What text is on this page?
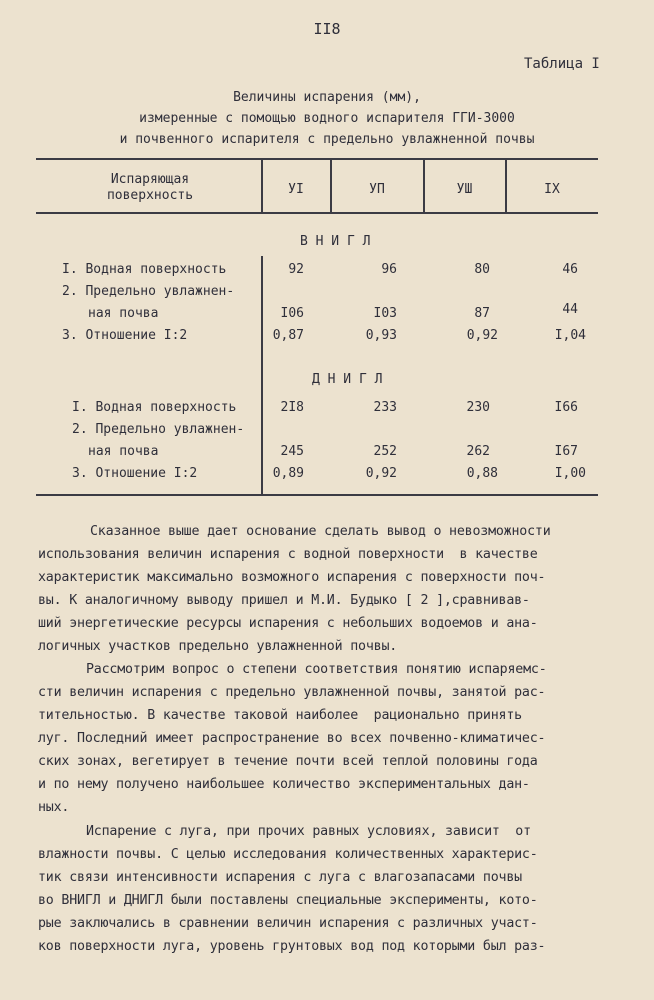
II8
Таблица I
Величины испарения (мм),
измеренные с помощью водного испарителя ГГИ-3000
и почвенного испарителя с предельно увлажненной почвы
Испаряющая
поверхность	УI	УП	УШ	IX
В Н И Г Л
I. Водная поверхность	92	96	80	46
2. Предельно увлажнен-
ная почва	I06	I03	87	44
3. Отношение I:2	0,87	0,93	0,92	I,04
Д Н И Г Л
I. Водная поверхность	2I8	233	230	I66
2. Предельно увлажнен-
ная почва	245	252	262	I67
3. Отношение I:2	0,89	0,92	0,88	I,00
Сказанное выше дает основание сделать вывод о невозможности
использования величин испарения с водной поверхности  в качестве
характеристик максимально возможного испарения с поверхности поч-
вы. К аналогичному выводу пришел и М.И. Будыко [ 2 ],сравнивав-
ший энергетические ресурсы испарения с небольших водоемов и ана-
логичных участков предельно увлажненной почвы.
Рассмотрим вопрос о степени соответствия понятию испаряемс-
сти величин испарения с предельно увлажненной почвы, занятой рас-
тительностью. В качестве таковой наиболее  рационально принять
луг. Последний имеет распространение во всех почвенно-климатичес-
ских зонах, вегетирует в течение почти всей теплой половины года
и по нему получено наибольшее количество экспериментальных дан-
ных.
Испарение с луга, при прочих равных условиях, зависит  от
влажности почвы. С целью исследования количественных характерис-
тик связи интенсивности испарения с луга с влагозапасами почвы
во ВНИГЛ и ДНИГЛ были поставлены специальные эксперименты, кото-
рые заключались в сравнении величин испарения с различных участ-
ков поверхности луга, уровень грунтовых вод под которыми был раз-
